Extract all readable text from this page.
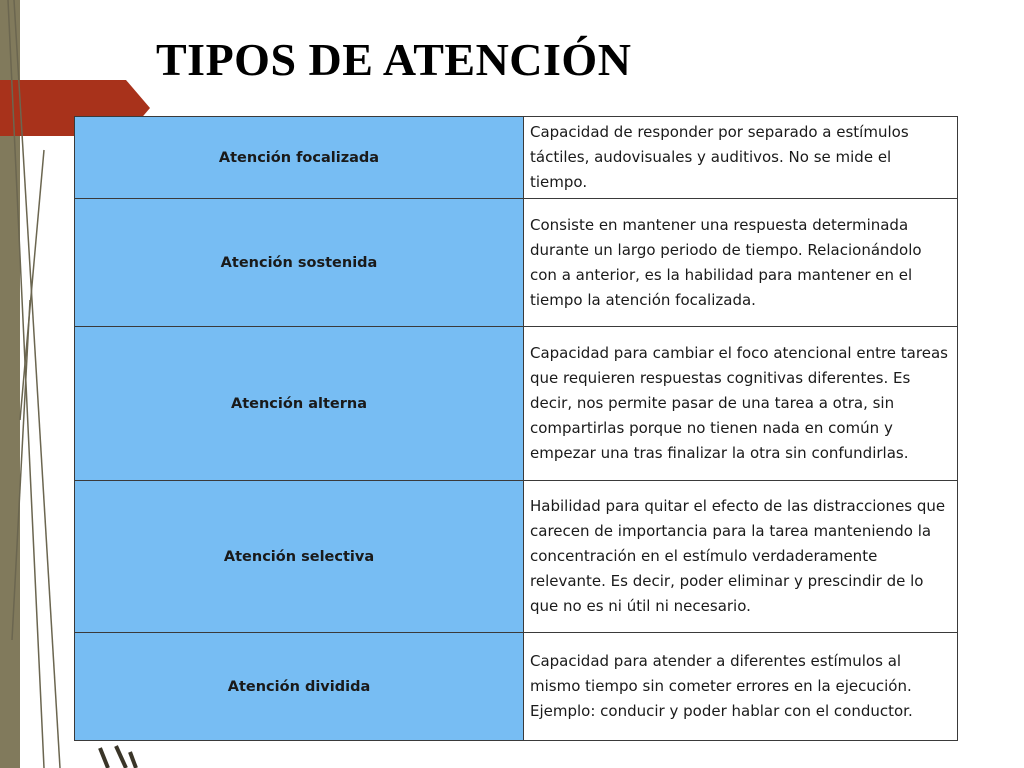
TIPOS DE ATENCIÓN
Atención focalizada	Capacidad de responder por separado a estímulos táctiles, audovisuales y auditivos. No se mide el tiempo.
Atención sostenida	Consiste en mantener una respuesta determinada durante un largo periodo de tiempo. Relacionándolo con a anterior, es la habilidad para mantener en el tiempo la atención focalizada.
Atención alterna	Capacidad para cambiar el foco atencional entre tareas que requieren respuestas cognitivas diferentes. Es decir, nos permite pasar de una tarea a otra, sin compartirlas porque no tienen nada en común y empezar una tras finalizar la otra sin confundirlas.
Atención selectiva	Habilidad para quitar el efecto de las distracciones que carecen de importancia para la tarea manteniendo la concentración en el estímulo verdaderamente relevante. Es decir, poder eliminar y prescindir de lo que no es ni útil ni necesario.
Atención dividida	Capacidad para atender a diferentes estímulos al mismo tiempo sin cometer errores en la ejecución. Ejemplo: conducir y poder hablar con el conductor.
